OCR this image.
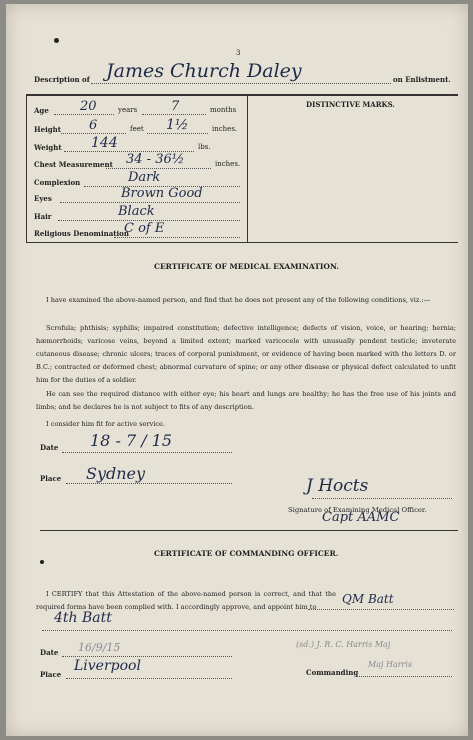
3
Description of James Church Daley	on Enlistment.
DISTINCTIVE MARKS.
Age 20	years	7	months
Height 6	feet 1½	inches.
Weight 144	lbs.
Chest Measurement 34 - 36½	inches.
Complexion	Dark
Eyes	Brown Good
Hair	Black
Religious Denomination
C of E
CERTIFICATE OF MEDICAL EXAMINATION.
I have examined the above-named person, and find that he does not present any of the following conditions, viz.:—
Scrofula; phthisis; syphilis; impaired constitution; defective intelligence; defects of vision, voice, or hearing; hernia; hæmorrhoids; varicose veins, beyond a limited extent; marked varicocele with unusually pendent testicle; inveterate cutaneous disease; chronic ulcers; traces of corporal punishment, or evidence of having been marked with the letters D. or B.C.; contracted or deformed chest; abnormal curvature of spine; or any other disease or physical defect calculated to unfit him for the duties of a soldier.
He can see the required distance with either eye; his heart and lungs are healthy; he has the free use of his joints and limbs; and he declares he is not subject to fits of any description.
I consider him fit for active service.
Date 18 - 7 / 15
Place Sydney
J Hocts
Signature of Examining Medical Officer.
Capt AAMC
CERTIFICATE OF COMMANDING OFFICER.
I CERTIFY that this Attestation of the above-named person is correct, and that the required forms have been complied with. I accordingly approve, and appoint him to
QM Batt
4th Batt
Date 16/9/15	(sd.) J. R. C. Harris Maj
Place
Liverpool	Commanding
Maj Harris
